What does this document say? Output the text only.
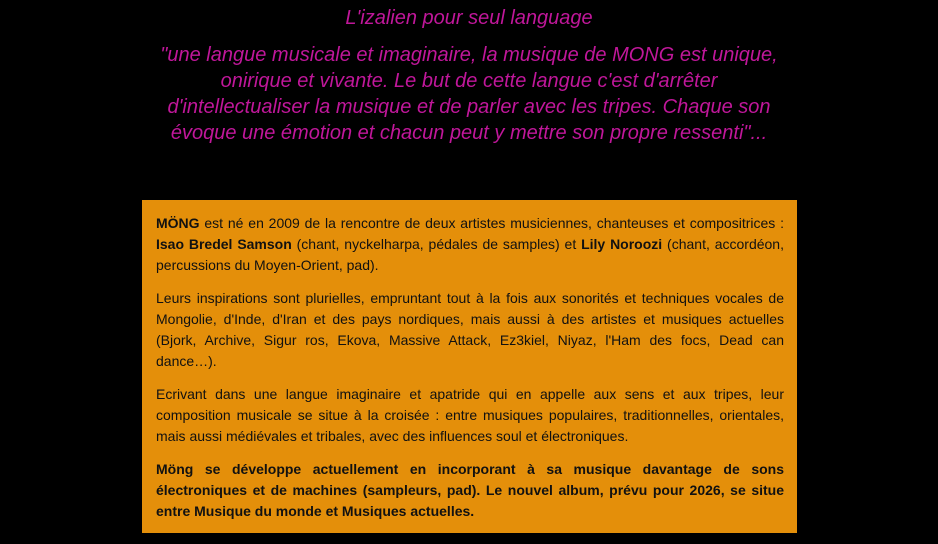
L'izalien pour seul language

"une langue musicale et imaginaire, la musique de MONG est unique, onirique et vivante. Le but de cette langue c'est d'arrêter d'intellectualiser la musique et de parler avec les tripes. Chaque son évoque une émotion et chacun peut y mettre son propre ressenti"...

MÖNG est né en 2009 de la rencontre de deux artistes musiciennes, chanteuses et compositrices : Isao Bredel Samson (chant, nyckelharpa, pédales de samples) et Lily Noroozi (chant, accordéon, percussions du Moyen-Orient, pad).

Leurs inspirations sont plurielles, empruntant tout à la fois aux sonorités et techniques vocales de Mongolie, d'Inde, d'Iran et des pays nordiques, mais aussi à des artistes et musiques actuelles (Bjork, Archive, Sigur ros, Ekova, Massive Attack, Ez3kiel, Niyaz, l'Ham des focs, Dead can dance…).

Ecrivant dans une langue imaginaire et apatride qui en appelle aux sens et aux tripes, leur composition musicale se situe à la croisée : entre musiques populaires, traditionnelles, orientales, mais aussi médiévales et tribales, avec des influences soul et électroniques.

Möng se développe actuellement en incorporant à sa musique davantage de sons électroniques et de machines (sampleurs, pad). Le nouvel album, prévu pour 2026, se situe entre Musique du monde et Musiques actuelles.
